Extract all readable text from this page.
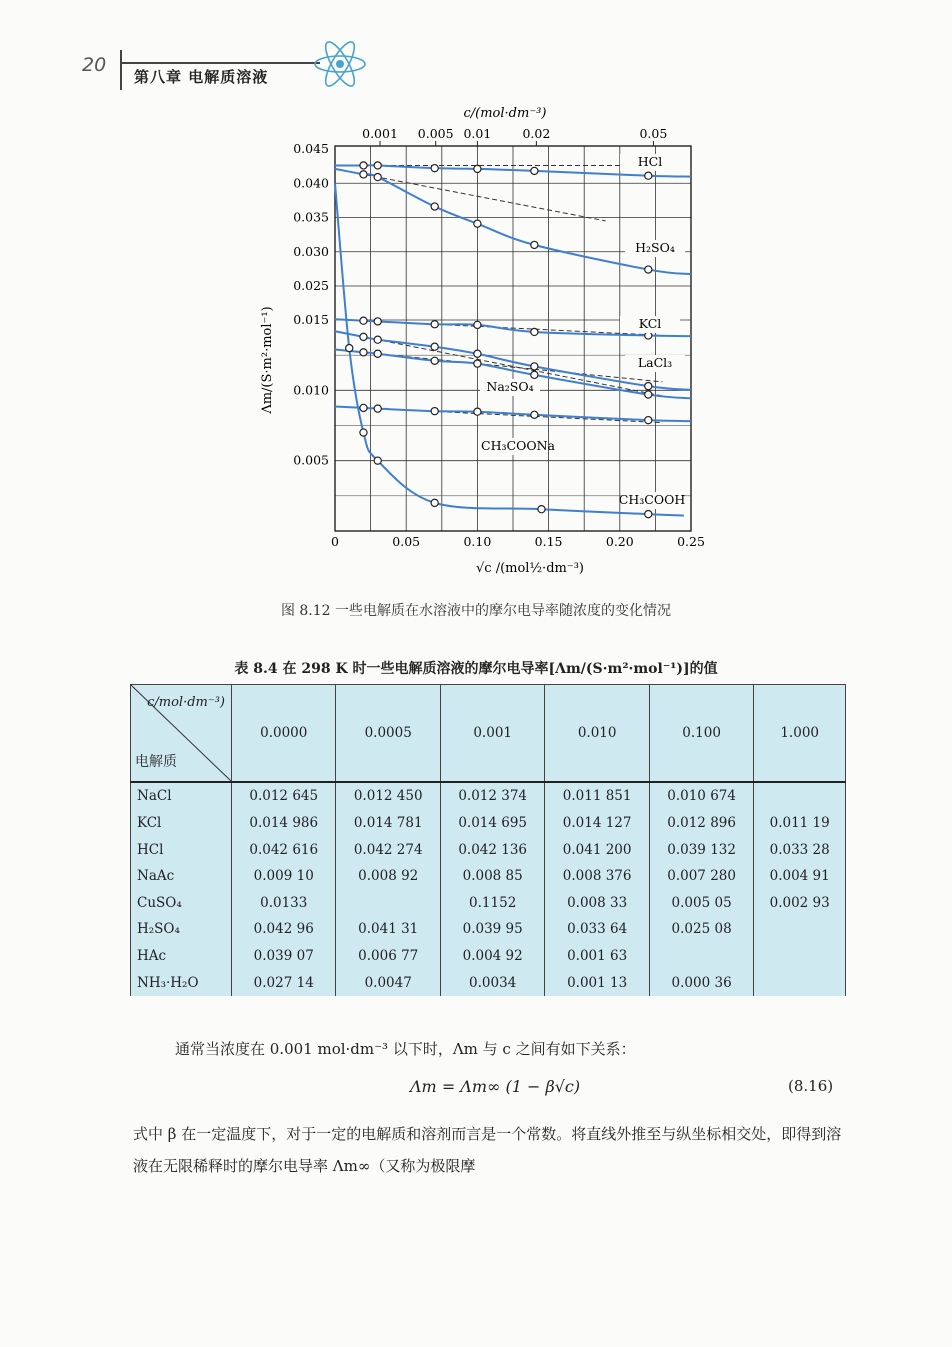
20
第八章 电解质溶液
HCl
H₂SO₄
KCl
LaCl₃
Na₂SO₄
CH₃COONa
CH₃COOH
0.005
0.010
0.015
0.025
0.030
0.035
0.040
0.045
0	0.05	0.10	0.15	0.20	0.25
0.001 0.005 0.01 0.02	0.05
√c /(mol½·dm⁻³)
c/(mol·dm⁻³)
Λm/(S·m²·mol⁻¹)
图 8.12 一些电解质在水溶液中的摩尔电导率随浓度的变化情况
表 8.4 在 298 K 时一些电解质溶液的摩尔电导率[Λm/(S·m²·mol⁻¹)]的值
c/mol·dm⁻³)
电解质	0.0000	0.0005	0.001	0.010	0.100	1.000
NaCl	0.012 645	0.012 450	0.012 374	0.011 851	0.010 674	
KCl	0.014 986	0.014 781	0.014 695	0.014 127	0.012 896	0.011 19
HCl	0.042 616	0.042 274	0.042 136	0.041 200	0.039 132	0.033 28
NaAc	0.009 10	0.008 92	0.008 85	0.008 376	0.007 280	0.004 91
CuSO₄	0.0133		0.1152	0.008 33	0.005 05	0.002 93
H₂SO₄	0.042 96	0.041 31	0.039 95	0.033 64	0.025 08	
HAc	0.039 07	0.006 77	0.004 92	0.001 63		
NH₃·H₂O	0.027 14	0.0047	0.0034	0.001 13	0.000 36	
通常当浓度在 0.001 mol·dm⁻³ 以下时，Λm 与 c 之间有如下关系：
Λm = Λm∞ (1 − β√c)	(8.16)
式中 β 在一定温度下，对于一定的电解质和溶剂而言是一个常数。将直线外推至与纵坐标相交处，即得到溶液在无限稀释时的摩尔电导率 Λm∞（又称为极限摩
